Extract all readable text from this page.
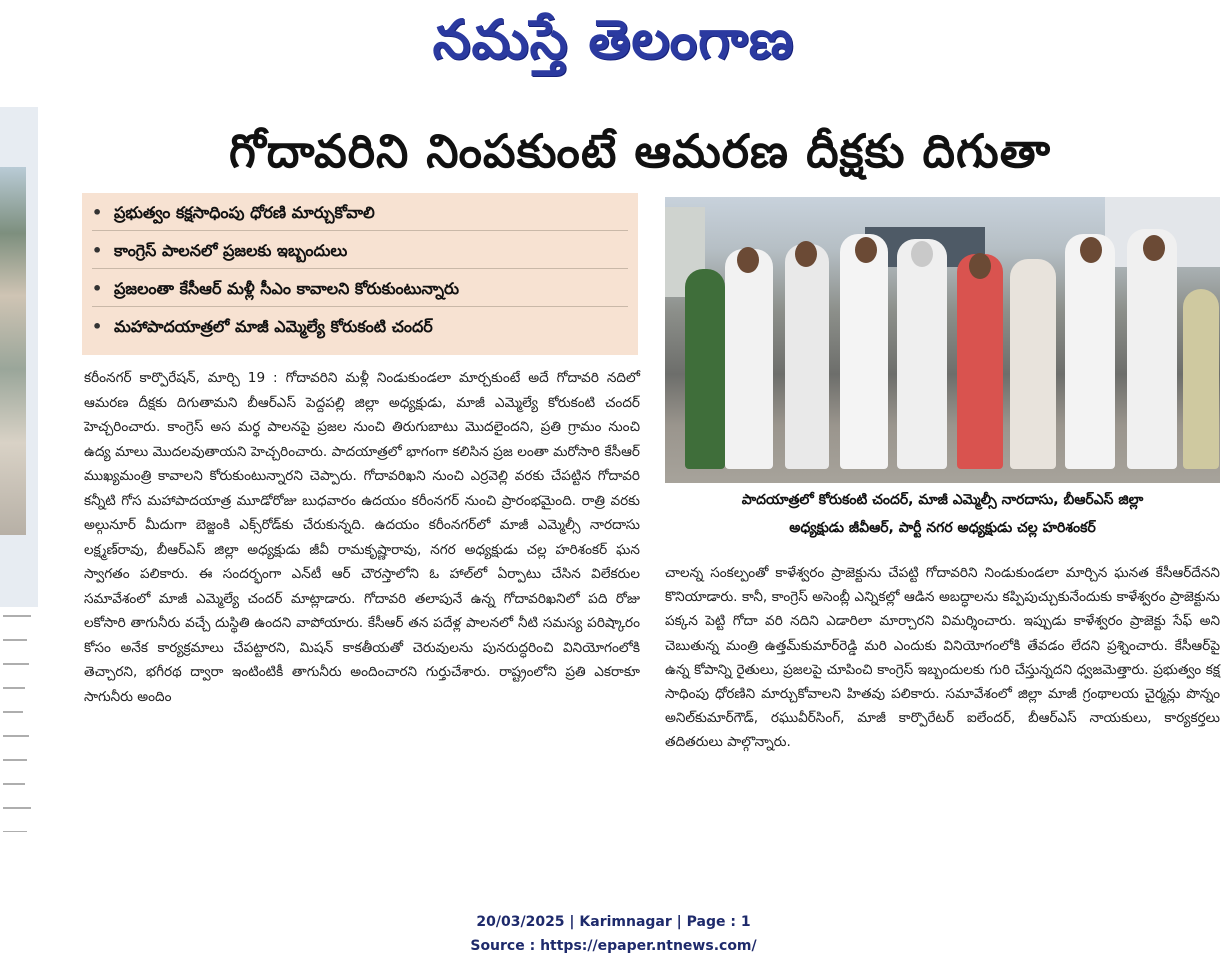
నమస్తే తెలంగాణ
గోదావరిని నింపకుంటే ఆమరణ దీక్షకు దిగుతా
• ప్రభుత్వం కక్షసాధింపు ధోరణి మార్చుకోవాలి
• కాంగ్రెస్ పాలనలో ప్రజలకు ఇబ్బందులు
• ప్రజలంతా కేసీఆర్ మళ్లీ సీఎం కావాలని కోరుకుంటున్నారు
• మహాపాదయాత్రలో మాజీ ఎమ్మెల్యే కోరుకంటి చందర్
కరీంనగర్ కార్పొరేషన్, మార్చి 19 : గోదావరిని మళ్లీ నిండుకుండలా మార్చకుంటే అదే గోదావరి నదిలో ఆమరణ దీక్షకు దిగుతామని బీఆర్ఎస్ పెద్దపల్లి జిల్లా అధ్యక్షుడు, మాజీ ఎమ్మెల్యే కోరుకంటి చందర్ హెచ్చరించారు. కాంగ్రెస్ అస మర్థ పాలనపై ప్రజల నుంచి తిరుగుబాటు మొదలైందని, ప్రతి గ్రామం నుంచి ఉద్య మాలు మొదలవుతాయని హెచ్చరించారు. పాదయాత్రలో భాగంగా కలిసిన ప్రజ లంతా మరోసారి కేసీఆర్ ముఖ్యమంత్రి కావాలని కోరుకుంటున్నారని చెప్పారు. గోదావరిఖని నుంచి ఎర్రవెల్లి వరకు చేపట్టిన గోదావరి కన్నీటి గోస మహాపాదయాత్ర మూడోరోజు బుధవారం ఉదయం కరీంనగర్ నుంచి ప్రారంభమైంది. రాత్రి వరకు అల్గునూర్ మీదుగా బెజ్జంకి ఎక్స్‌రోడ్‌కు చేరుకున్నది. ఉదయం కరీంనగర్‌లో మాజీ ఎమ్మెల్సీ నారదాసు లక్ష్మణ్‌రావు, బీఆర్ఎస్ జిల్లా అధ్యక్షుడు జీవీ రామకృష్ణారావు, నగర అధ్యక్షుడు చల్ల హరిశంకర్ ఘన స్వాగతం పలికారు. ఈ సందర్భంగా ఎన్‌టీ ఆర్ చౌరస్తాలోని ఓ హాల్‌లో ఏర్పాటు చేసిన విలేకరుల సమావేశంలో మాజీ ఎమ్మెల్యే చందర్ మాట్లాడారు. గోదావరి తలాపునే ఉన్న గోదావరిఖనిలో పది రోజు లకోసారి తాగునీరు వచ్చే దుస్థితి ఉందని వాపోయారు. కేసీఆర్ తన పదేళ్ల పాలనలో నీటి సమస్య పరిష్కారం కోసం అనేక కార్యక్రమాలు చేపట్టారని, మిషన్ కాకతీయతో చెరువులను పునరుద్ధరించి వినియోగంలోకి తెచ్చారని, భగీరథ ద్వారా ఇంటింటికీ తాగునీరు అందించారని గుర్తుచేశారు. రాష్ట్రంలోని ప్రతి ఎకరాకూ సాగునీరు అందిం
పాదయాత్రలో కోరుకంటి చందర్, మాజీ ఎమ్మెల్సీ నారదాసు, బీఆర్ఎస్ జిల్లా
అధ్యక్షుడు జీవీఆర్, పార్టీ నగర అధ్యక్షుడు చల్ల హరిశంకర్
చాలన్న సంకల్పంతో కాళేశ్వరం ప్రాజెక్టును చేపట్టి గోదావరిని నిండుకుండలా మార్చిన ఘనత కేసీఆర్‌దేనని కొనియాడారు. కానీ, కాంగ్రెస్ అసెంబ్లీ ఎన్నికల్లో ఆడిన అబద్ధాలను కప్పిపుచ్చుకునేందుకు కాళేశ్వరం ప్రాజెక్టును పక్కన పెట్టి గోదా వరి నదిని ఎడారిలా మార్చారని విమర్శించారు. ఇప్పుడు కాళేశ్వరం ప్రాజెక్టు సేఫ్ అని చెబుతున్న మంత్రి ఉత్తమ్‌కుమార్‌రెడ్డి మరి ఎందుకు వినియోగంలోకి తేవడం లేదని ప్రశ్నించారు. కేసీఆర్‌పై ఉన్న కోపాన్ని రైతులు, ప్రజలపై చూపించి కాంగ్రెస్ ఇబ్బందులకు గురి చేస్తున్నదని ధ్వజమెత్తారు. ప్రభుత్వం కక్ష సాధింపు ధోరణిని మార్చుకోవాలని హితవు పలికారు. సమావేశంలో జిల్లా మాజీ గ్రంథాలయ చైర్మన్లు పొన్నం అనిల్‌కుమార్‌గౌడ్, రఘువీర్‌సింగ్, మాజీ కార్పొరేటర్ ఐలేందర్, బీఆర్ఎస్ నాయకులు, కార్యకర్తలు తదితరులు పాల్గొన్నారు.
20/03/2025 | Karimnagar | Page : 1
Source : https://epaper.ntnews.com/
